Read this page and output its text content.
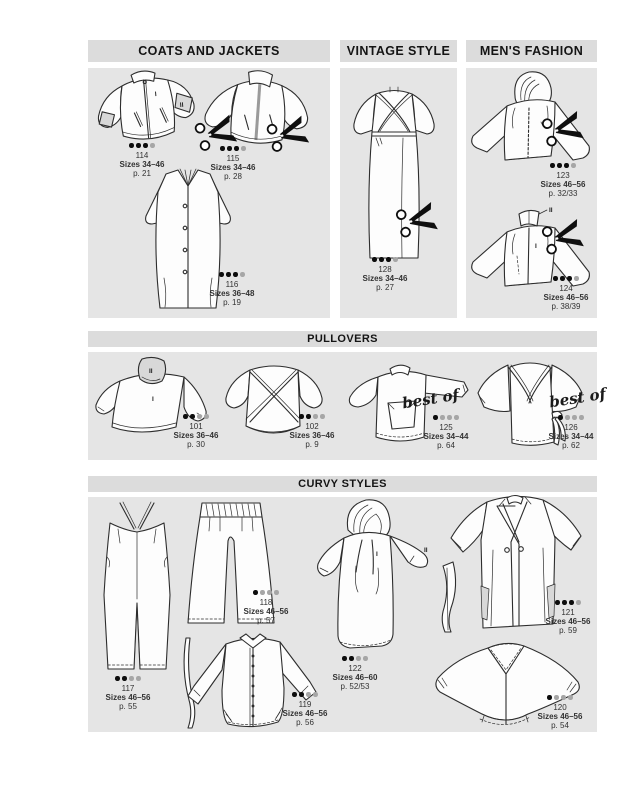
COATS AND JACKETS	VINTAGE STYLE	MEN'S FASHION
PULLOVERS
CURVY STYLES
I
II
II
I
II
I
I
II
best of	best of
114
Sizes 34–46
p. 21
115
Sizes 34–46
p. 28
116
Sizes 36–48
p. 19
128
Sizes 34–46
p. 27
123
Sizes 46–56
p. 32/33
124
Sizes 46–56
p. 38/39
101
Sizes 36–46
p. 30
102
Sizes 36–46
p. 9
125
Sizes 34–44
p. 64
126
Sizes 34–44
p. 62
117
Sizes 46–56
p. 55
118
Sizes 46–56
p. 57
119
Sizes 46–56
p. 56
122
Sizes 46–60
p. 52/53
121
Sizes 46–56
p. 59
120
Sizes 46–56
p. 54
